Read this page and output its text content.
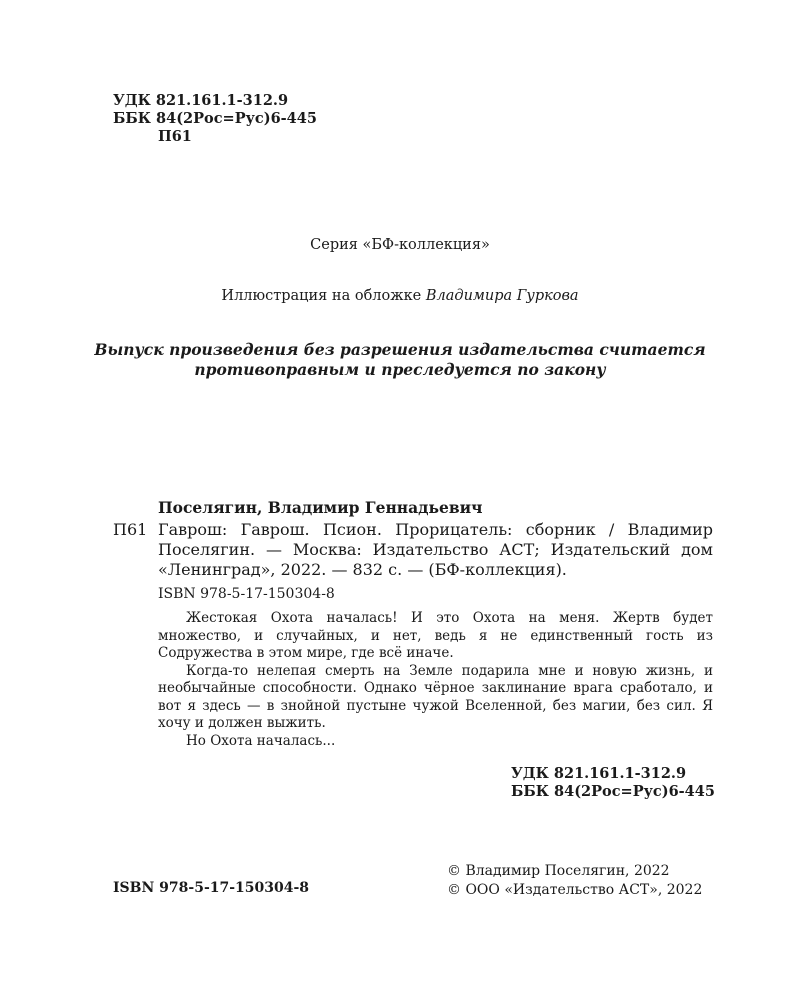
УДК 821.161.1-312.9
ББК 84(2Рос=Рус)6-445
П61
Серия «БФ-коллекция»
Иллюстрация на обложке Владимира Гуркова
Выпуск произведения без разрешения издательства считается
противоправным и преследуется по закону
Поселягин, Владимир Геннадьевич
П61 Гаврош: Гаврош. Псион. Прорицатель: сборник / Владимир Поселягин. — Москва: Издательство АСТ; Издательский дом «Ленинград», 2022. — 832 с. — (БФ-коллекция).
ISBN 978-5-17-150304-8

Жестокая Охота началась! И это Охота на меня. Жертв будет множество, и случайных, и нет, ведь я не единственный гость из Содружества в этом мире, где всё иначе.

Когда-то нелепая смерть на Земле подарила мне и новую жизнь, и необычайные способности. Однако чёрное заклинание врага сработало, и вот я здесь — в знойной пустыне чужой Вселенной, без магии, без сил. Я хочу и должен выжить.

Но Охота началась...

УДК 821.161.1-312.9
ББК 84(2Рос=Рус)6-445
ISBN 978-5-17-150304-8
© Владимир Поселягин, 2022
© ООО «Издательство АСТ», 2022
